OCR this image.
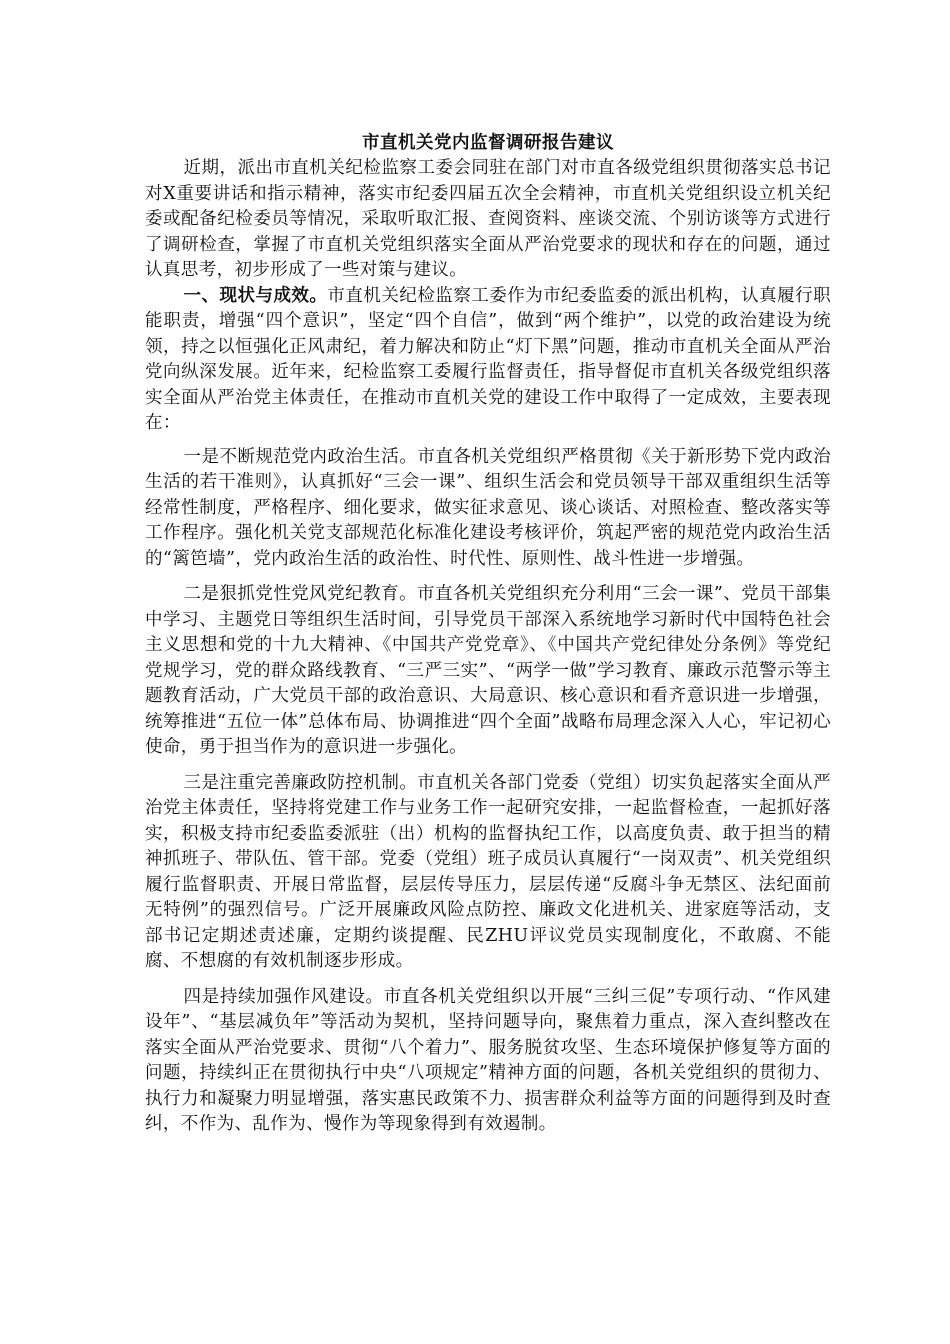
市直机关党内监督调研报告建议

近期，派出市直机关纪检监察工委会同驻在部门对市直各级党组织贯彻落实总书记对X重要讲话和指示精神，落实市纪委四届五次全会精神，市直机关党组织设立机关纪委或配备纪检委员等情况，采取听取汇报、查阅资料、座谈交流、个别访谈等方式进行了调研检查，掌握了市直机关党组织落实全面从严治党要求的现状和存在的问题，通过认真思考，初步形成了一些对策与建议。

一、现状与成效。市直机关纪检监察工委作为市纪委监委的派出机构，认真履行职能职责，增强“四个意识”，坚定“四个自信”，做到“两个维护”，以党的政治建设为统领，持之以恒强化正风肃纪，着力解决和防止“灯下黑”问题，推动市直机关全面从严治党向纵深发展。近年来，纪检监察工委履行监督责任，指导督促市直机关各级党组织落实全面从严治党主体责任，在推动市直机关党的建设工作中取得了一定成效，主要表现在：

一是不断规范党内政治生活。市直各机关党组织严格贯彻《关于新形势下党内政治生活的若干准则》，认真抓好“三会一课”、组织生活会和党员领导干部双重组织生活等经常性制度，严格程序、细化要求，做实征求意见、谈心谈话、对照检查、整改落实等工作程序。强化机关党支部规范化标准化建设考核评价，筑起严密的规范党内政治生活的“篱笆墙”，党内政治生活的政治性、时代性、原则性、战斗性进一步增强。

二是狠抓党性党风党纪教育。市直各机关党组织充分利用“三会一课”、党员干部集中学习、主题党日等组织生活时间，引导党员干部深入系统地学习新时代中国特色社会主义思想和党的十九大精神、《中国共产党党章》、《中国共产党纪律处分条例》等党纪党规学习，党的群众路线教育、“三严三实”、“两学一做”学习教育、廉政示范警示等主题教育活动，广大党员干部的政治意识、大局意识、核心意识和看齐意识进一步增强，统筹推进“五位一体”总体布局、协调推进“四个全面”战略布局理念深入人心，牢记初心使命，勇于担当作为的意识进一步强化。

三是注重完善廉政防控机制。市直机关各部门党委（党组）切实负起落实全面从严治党主体责任，坚持将党建工作与业务工作一起研究安排，一起监督检查，一起抓好落实，积极支持市纪委监委派驻（出）机构的监督执纪工作，以高度负责、敢于担当的精神抓班子、带队伍、管干部。党委（党组）班子成员认真履行“一岗双责”、机关党组织履行监督职责、开展日常监督，层层传导压力，层层传递“反腐斗争无禁区、法纪面前无特例”的强烈信号。广泛开展廉政风险点防控、廉政文化进机关、进家庭等活动，支部书记定期述责述廉，定期约谈提醒、民ZHU评议党员实现制度化，不敢腐、不能腐、不想腐的有效机制逐步形成。

四是持续加强作风建设。市直各机关党组织以开展“三纠三促”专项行动、“作风建设年”、“基层减负年”等活动为契机，坚持问题导向，聚焦着力重点，深入查纠整改在落实全面从严治党要求、贯彻“八个着力”、服务脱贫攻坚、生态环境保护修复等方面的问题，持续纠正在贯彻执行中央“八项规定”精神方面的问题，各机关党组织的贯彻力、执行力和凝聚力明显增强，落实惠民政策不力、损害群众利益等方面的问题得到及时查纠，不作为、乱作为、慢作为等现象得到有效遏制。
